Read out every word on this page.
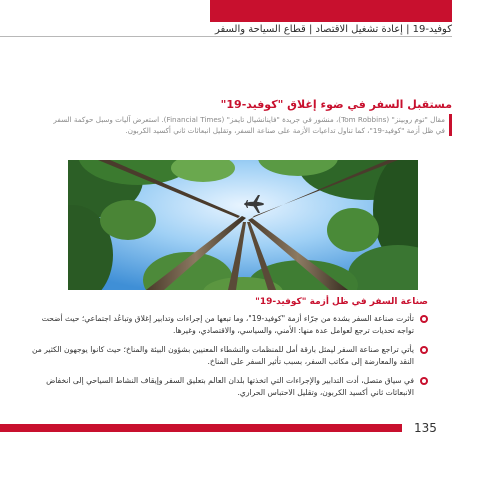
كوفيد-19 | إعادة تشغيل الاقتصاد | قطاع السياحة والسفر
مستقبل السفر في ضوء إغلاق "كوفيد-19"

مقال "توم روبينز" (Tom Robbins)، منشور في جريدة "فاينانشيال تايمز" (Financial Times). استعرض آليات وسبل حوكمة السفر في ظل أزمة "كوفيد-19"، كما تناول تداعيات الأزمة على صناعة السفر، وتقليل انبعاثات ثاني أكسيد الكربون.

صناعة السفر في ظل أزمة "كوفيد-19"
تأثرت صناعة السفر بشدة من جرّاء أزمة "كوفيد-19"، وما تبعها من إجراءات وتدابير إغلاق وتباعُد اجتماعي؛ حيث أضحت تواجه تحديات ترجع لعوامل عدة منها: الأمني، والسياسي، والاقتصادي، وغيرها.
يأتي تراجع صناعة السفر ليمثل بارقة أمل للمنظمات والنشطاء المعنيين بشؤون البيئة والمناخ؛ حيث كانوا يوجهون الكثير من النقد والمعارضة إلى مكاتب السفر، بسبب تأثير السفر على المناخ.
في سياق متصل، أدت التدابير والإجراءات التي اتخذتها بلدان العالم بتعليق السفر وإيقاف النشاط السياحي إلى انخفاض الانبعاثات ثاني أكسيد الكربون، وتقليل الاحتباس الحراري.
135
